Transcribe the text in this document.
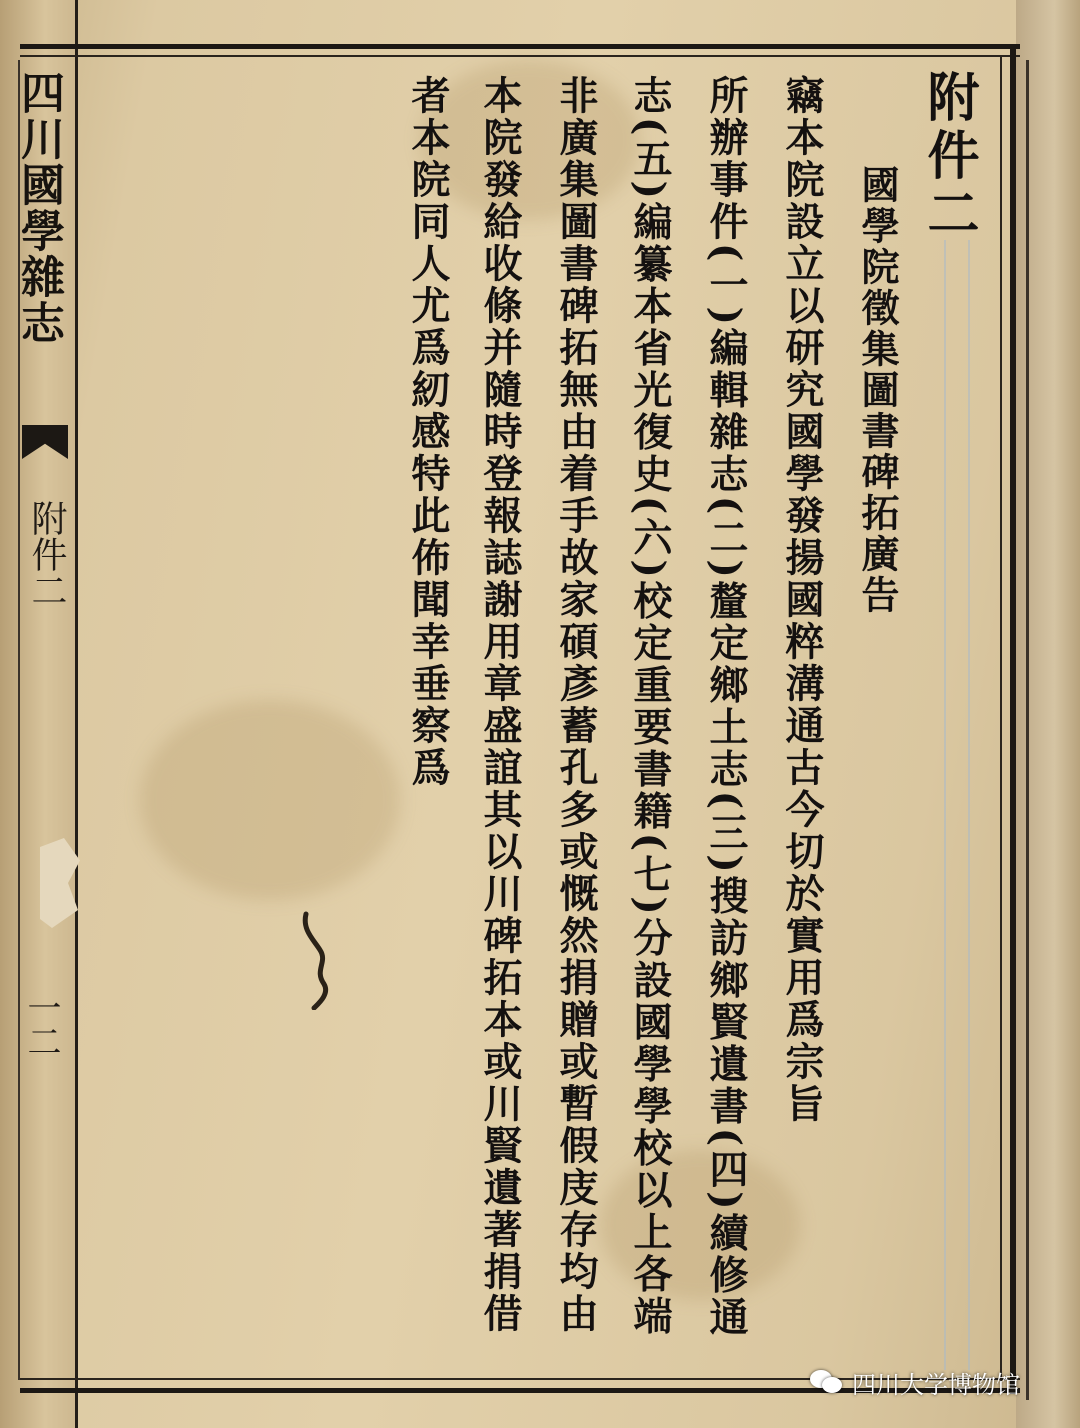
四川國學雜志
附件二
一二
附件二
國學院徵集圖書碑拓廣告
竊本院設立以研究國學發揚國粹溝通古今切於實用爲宗旨
所辦事件(一)編輯雜志(二)釐定鄉土志(三)搜訪鄉賢遺書(四)續修通
志(五)編纂本省光復史(六)校定重要書籍(七)分設國學學校以上各端
非廣集圖書碑拓無由着手故家碩彥蓄孔多或慨然捐贈或暫假庋存均由
本院發給收條并隨時登報誌謝用章盛誼其以川碑拓本或川賢遺著捐借
者本院同人尤爲紉感特此佈聞幸垂察爲
四川大学博物馆
